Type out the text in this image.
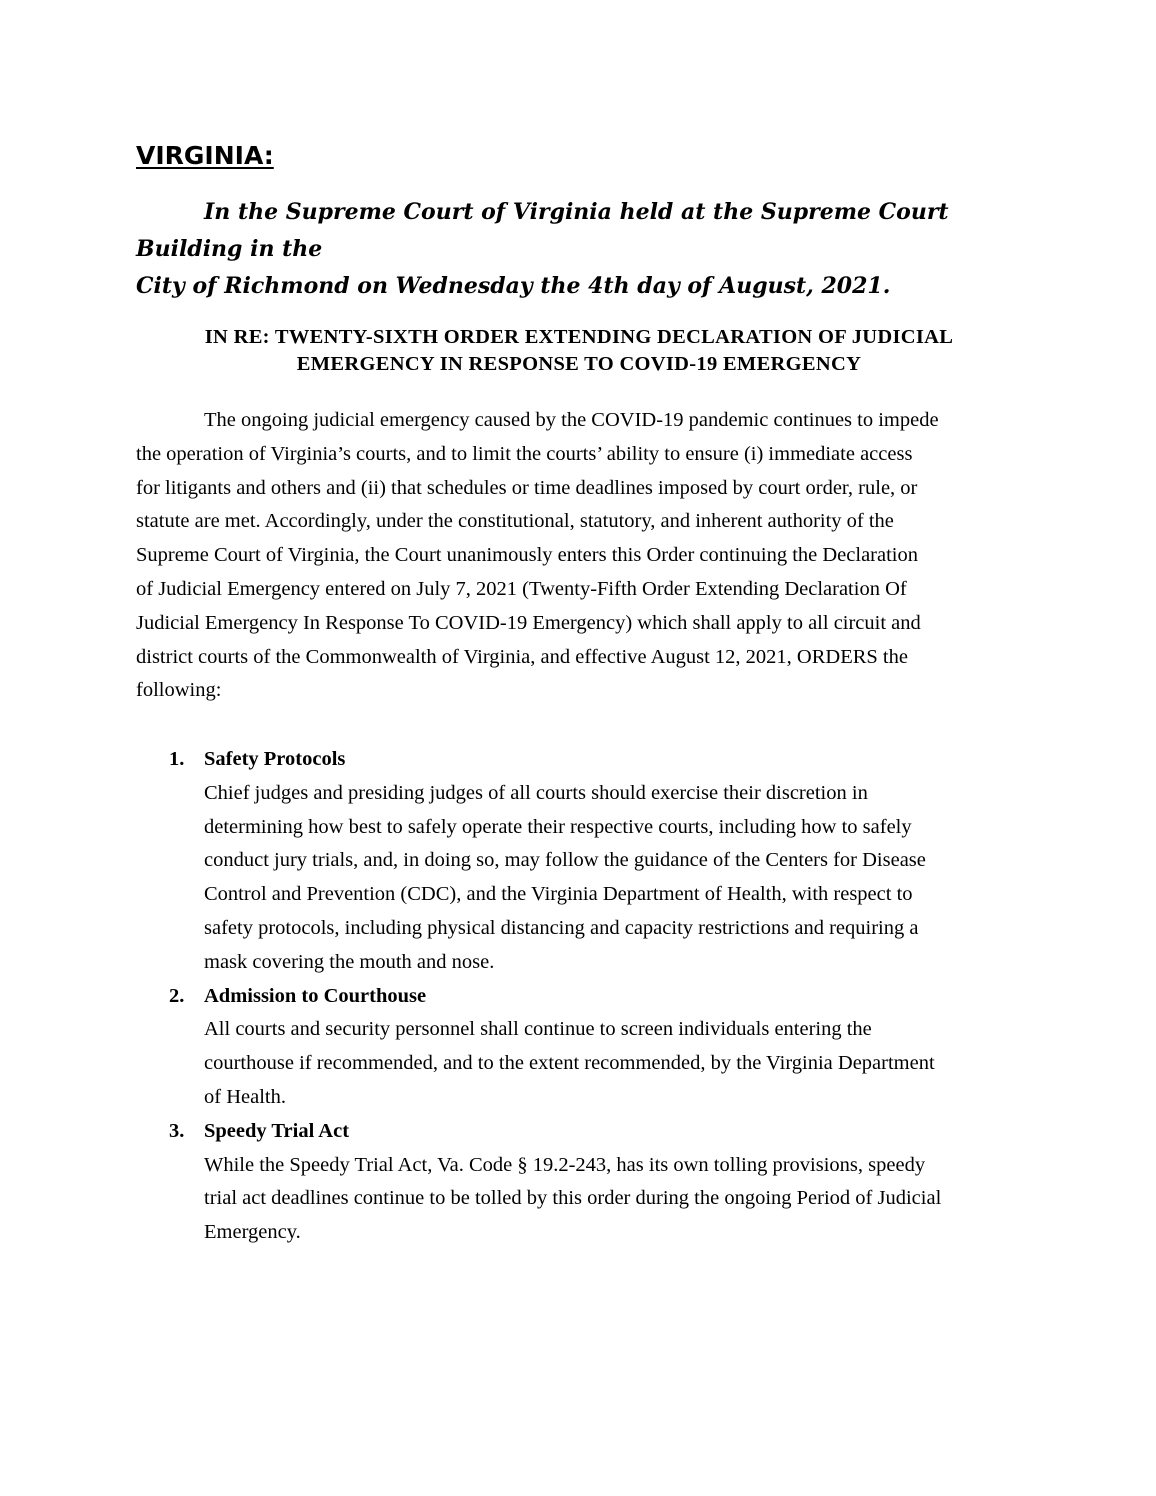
VIRGINIA:
In the Supreme Court of Virginia held at the Supreme Court Building in the
City of Richmond on Wednesday the 4th day of August, 2021.
IN RE: TWENTY-SIXTH ORDER EXTENDING DECLARATION OF JUDICIAL
EMERGENCY IN RESPONSE TO COVID-19 EMERGENCY
The ongoing judicial emergency caused by the COVID-19 pandemic continues to impede
the operation of Virginia’s courts, and to limit the courts’ ability to ensure (i) immediate access
for litigants and others and (ii) that schedules or time deadlines imposed by court order, rule, or
statute are met. Accordingly, under the constitutional, statutory, and inherent authority of the
Supreme Court of Virginia, the Court unanimously enters this Order continuing the Declaration
of Judicial Emergency entered on July 7, 2021 (Twenty-Fifth Order Extending Declaration Of
Judicial Emergency In Response To COVID-19 Emergency) which shall apply to all circuit and
district courts of the Commonwealth of Virginia, and effective August 12, 2021, ORDERS the
following:
1. Safety Protocols
Chief judges and presiding judges of all courts should exercise their discretion in
determining how best to safely operate their respective courts, including how to safely
conduct jury trials, and, in doing so, may follow the guidance of the Centers for Disease
Control and Prevention (CDC), and the Virginia Department of Health, with respect to
safety protocols, including physical distancing and capacity restrictions and requiring a
mask covering the mouth and nose.
2. Admission to Courthouse
All courts and security personnel shall continue to screen individuals entering the
courthouse if recommended, and to the extent recommended, by the Virginia Department
of Health.
3. Speedy Trial Act
While the Speedy Trial Act, Va. Code § 19.2-243, has its own tolling provisions, speedy
trial act deadlines continue to be tolled by this order during the ongoing Period of Judicial
Emergency.
